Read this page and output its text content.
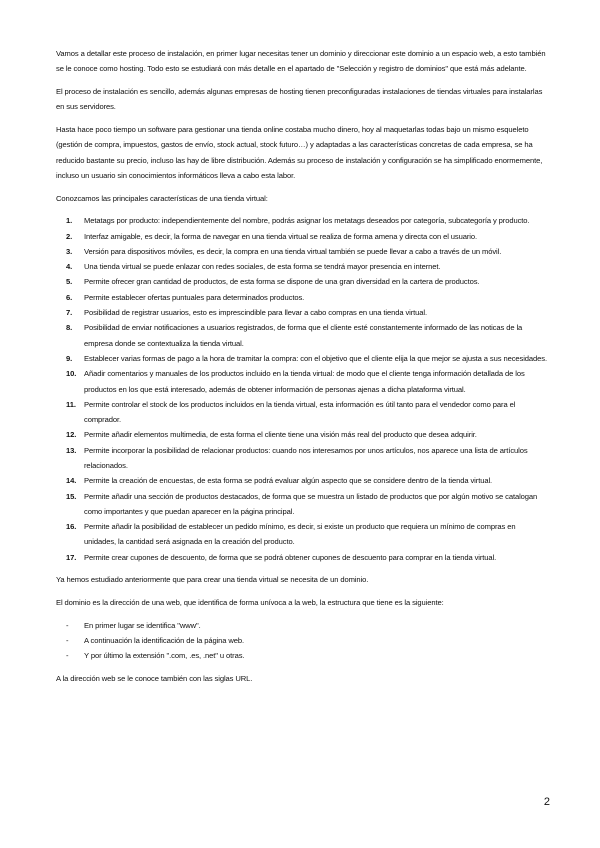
Vamos a detallar este proceso de instalación, en primer lugar necesitas tener un dominio y direccionar este dominio a un espacio web, a esto también se le conoce como hosting. Todo esto se estudiará con más detalle en el apartado de "Selección y registro de dominios" que está más adelante.

El proceso de instalación es sencillo, además algunas empresas de hosting tienen preconfiguradas instalaciones de tiendas virtuales para instalarlas en sus servidores.

Hasta hace poco tiempo un software para gestionar una tienda online costaba mucho dinero, hoy al maquetarlas todas bajo un mismo esqueleto (gestión de compra, impuestos, gastos de envío, stock actual, stock futuro…) y adaptadas a las características concretas de cada empresa, se ha reducido bastante su precio, incluso las hay de libre distribución. Además su proceso de instalación y configuración se ha simplificado enormemente, incluso un usuario sin conocimientos informáticos lleva a cabo esta labor.

Conozcamos las principales características de una tienda virtual:

1.	Metatags por producto: independientemente del nombre, podrás asignar los metatags deseados por categoría, subcategoría y producto.
2.	Interfaz amigable, es decir, la forma de navegar en una tienda virtual se realiza de forma amena y directa con el usuario.
3.	Versión para dispositivos móviles, es decir, la compra en una tienda virtual también se puede llevar a cabo a través de un móvil.
4.	Una tienda virtual se puede enlazar con redes sociales, de esta forma se tendrá mayor presencia en internet.
5.	Permite ofrecer gran cantidad de productos, de esta forma se dispone de una gran diversidad en la cartera de productos.
6.	Permite establecer ofertas puntuales para determinados productos.
7.	Posibilidad de registrar usuarios, esto es imprescindible para llevar a cabo compras en una tienda virtual.
8.	Posibilidad de enviar notificaciones a usuarios registrados, de forma que el cliente esté constantemente informado de las noticas de la empresa donde se contextualiza la tienda virtual.
9.	Establecer varias formas de pago a la hora de tramitar la compra: con el objetivo que el cliente elija la que mejor se ajusta a sus necesidades.
10.	Añadir comentarios y manuales de los productos incluido en la tienda virtual: de modo que el cliente tenga información detallada de los productos en los que está interesado, además de obtener información de personas ajenas a dicha plataforma virtual.
11.	Permite controlar el stock de los productos incluidos en la tienda virtual, esta información es útil tanto para el vendedor como para el comprador.
12.	Permite añadir elementos multimedia, de esta forma el cliente tiene una visión más real del producto que desea adquirir.
13.	Permite incorporar la posibilidad de relacionar productos: cuando nos interesamos por unos artículos, nos aparece una lista de artículos relacionados.
14.	Permite la creación de encuestas, de esta forma se podrá evaluar algún aspecto que se considere dentro de la tienda virtual.
15.	Permite añadir una sección de productos destacados, de forma que se muestra un listado de productos que por algún motivo se catalogan como importantes y que puedan aparecer en la página principal.
16.	Permite añadir la posibilidad de establecer un pedido mínimo, es decir, si existe un producto que requiera un mínimo de compras en unidades, la cantidad será asignada en la creación del producto.
17.	Permite crear cupones de descuento, de forma que se podrá obtener cupones de descuento para comprar en la tienda virtual.

Ya hemos estudiado anteriormente que para crear una tienda virtual se necesita de un dominio.

El dominio es la dirección de una web, que identifica de forma unívoca a la web, la estructura que tiene es la siguiente:

- En primer lugar se identifica "www".
- A continuación la identificación de la página web.
- Y por último la extensión ".com, .es, .net" u otras.

A la dirección web se le conoce también con las siglas URL.

2
